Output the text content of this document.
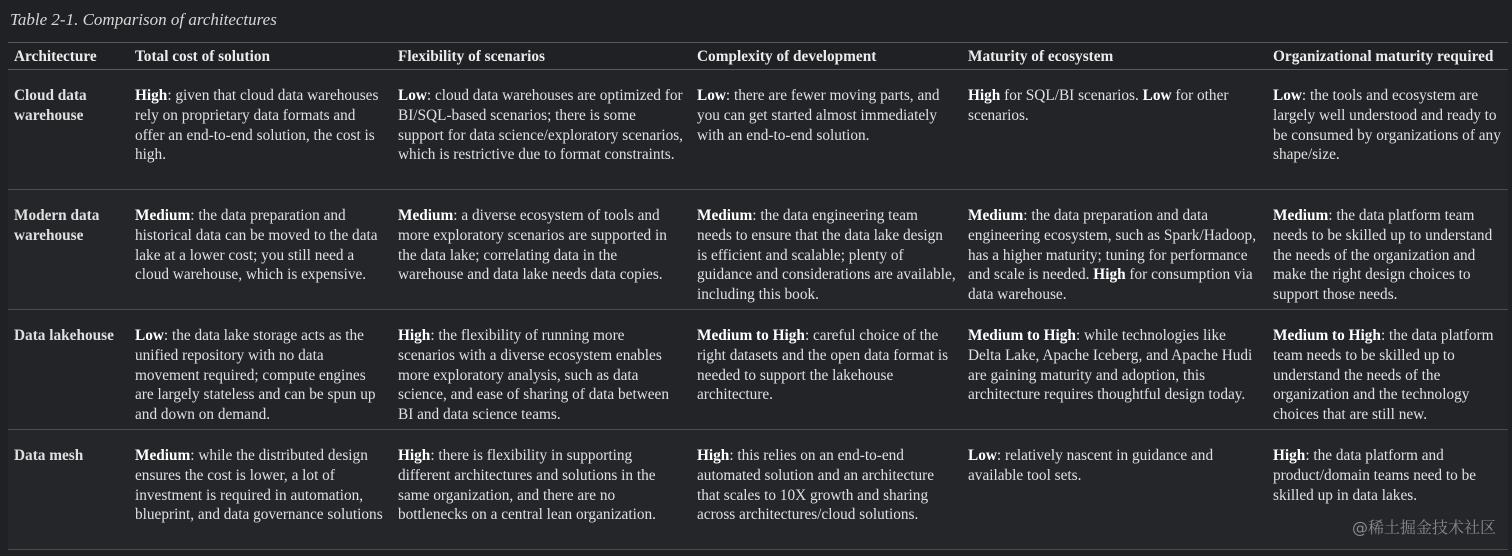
Table 2-1. Comparison of architectures
Architecture	Total cost of solution	Flexibility of scenarios	Complexity of development	Maturity of ecosystem	Organizational maturity required
Cloud data warehouse	High: given that cloud data warehouses rely on proprietary data formats and offer an end-to-end solution, the cost is high.	Low: cloud data warehouses are optimized for BI/SQL-based scenarios; there is some support for data science/exploratory scenarios, which is restrictive due to format constraints.	Low: there are fewer moving parts, and you can get started almost immediately with an end-to-end solution.	High for SQL/BI scenarios. Low for other scenarios.	Low: the tools and ecosystem are largely well understood and ready to be consumed by organizations of any shape/size.
Modern data warehouse	Medium: the data preparation and historical data can be moved to the data lake at a lower cost; you still need a cloud warehouse, which is expensive.	Medium: a diverse ecosystem of tools and more exploratory scenarios are supported in the data lake; correlating data in the warehouse and data lake needs data copies.	Medium: the data engineering team needs to ensure that the data lake design is efficient and scalable; plenty of guidance and considerations are available, including this book.	Medium: the data preparation and data engineering ecosystem, such as Spark/Hadoop, has a higher maturity; tuning for performance and scale is needed. High for consumption via data warehouse.	Medium: the data platform team needs to be skilled up to understand the needs of the organization and make the right design choices to support those needs.
Data lakehouse	Low: the data lake storage acts as the unified repository with no data movement required; compute engines are largely stateless and can be spun up and down on demand.	High: the flexibility of running more scenarios with a diverse ecosystem enables more exploratory analysis, such as data science, and ease of sharing of data between BI and data science teams.	Medium to High: careful choice of the right datasets and the open data format is needed to support the lakehouse architecture.	Medium to High: while technologies like Delta Lake, Apache Iceberg, and Apache Hudi are gaining maturity and adoption, this architecture requires thoughtful design today.	Medium to High: the data platform team needs to be skilled up to understand the needs of the organization and the technology choices that are still new.
Data mesh	Medium: while the distributed design ensures the cost is lower, a lot of investment is required in automation, blueprint, and data governance solutions	High: there is flexibility in supporting different architectures and solutions in the same organization, and there are no bottlenecks on a central lean organization.	High: this relies on an end-to-end automated solution and an architecture that scales to 10X growth and sharing across architectures/cloud solutions.	Low: relatively nascent in guidance and available tool sets.	High: the data platform and product/domain teams need to be skilled up in data lakes.
@稀土掘金技术社区
